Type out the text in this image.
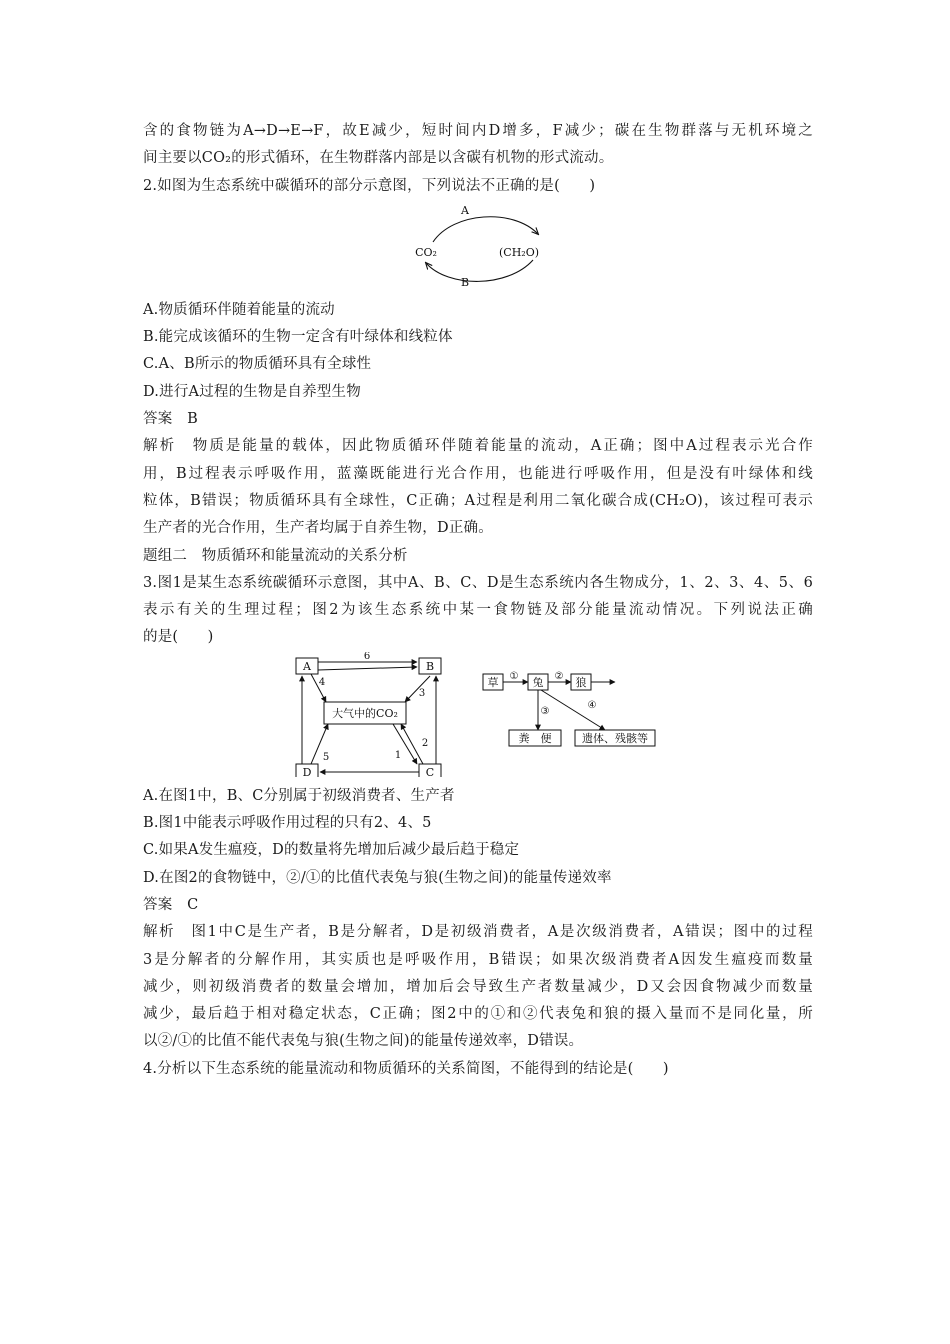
含的食物链为A→D→E→F，故E减少，短时间内D增多，F减少；碳在生物群落与无机环境之
间主要以CO₂的形式循环，在生物群落内部是以含碳有机物的形式流动。
2.如图为生态系统中碳循环的部分示意图，下列说法不正确的是(　　)
A
B
CO₂	(CH₂O)
A.物质循环伴随着能量的流动
B.能完成该循环的生物一定含有叶绿体和线粒体
C.A、B所示的物质循环具有全球性
D.进行A过程的生物是自养型生物
答案　B
解析　物质是能量的载体，因此物质循环伴随着能量的流动，A正确；图中A过程表示光合作
用，B过程表示呼吸作用，蓝藻既能进行光合作用，也能进行呼吸作用，但是没有叶绿体和线
粒体，B错误；物质循环具有全球性，C正确；A过程是利用二氧化碳合成(CH₂O)，该过程可表示
生产者的光合作用，生产者均属于自养生物，D正确。
题组二　物质循环和能量流动的关系分析
3.图1是某生态系统碳循环示意图，其中A、B、C、D是生态系统内各生物成分，1、2、3、4、5、6
表示有关的生理过程；图2为该生态系统中某一食物链及部分能量流动情况。下列说法正确
的是(　　)
A	B
D	C
大气中的CO₂
6
4
3
2
1
5
草 ① 兔 ② 狼
③
粪　便
④
遗体、残骸等
A.在图1中，B、C分别属于初级消费者、生产者
B.图1中能表示呼吸作用过程的只有2、4、5
C.如果A发生瘟疫，D的数量将先增加后减少最后趋于稳定
D.在图2的食物链中，②/①的比值代表兔与狼(生物之间)的能量传递效率
答案　C
解析　图1中C是生产者，B是分解者，D是初级消费者，A是次级消费者，A错误；图中的过程
3是分解者的分解作用，其实质也是呼吸作用，B错误；如果次级消费者A因发生瘟疫而数量
减少，则初级消费者的数量会增加，增加后会导致生产者数量减少，D又会因食物减少而数量
减少，最后趋于相对稳定状态，C正确；图2中的①和②代表兔和狼的摄入量而不是同化量，所
以②/①的比值不能代表兔与狼(生物之间)的能量传递效率，D错误。
4.分析以下生态系统的能量流动和物质循环的关系简图，不能得到的结论是(　　)
